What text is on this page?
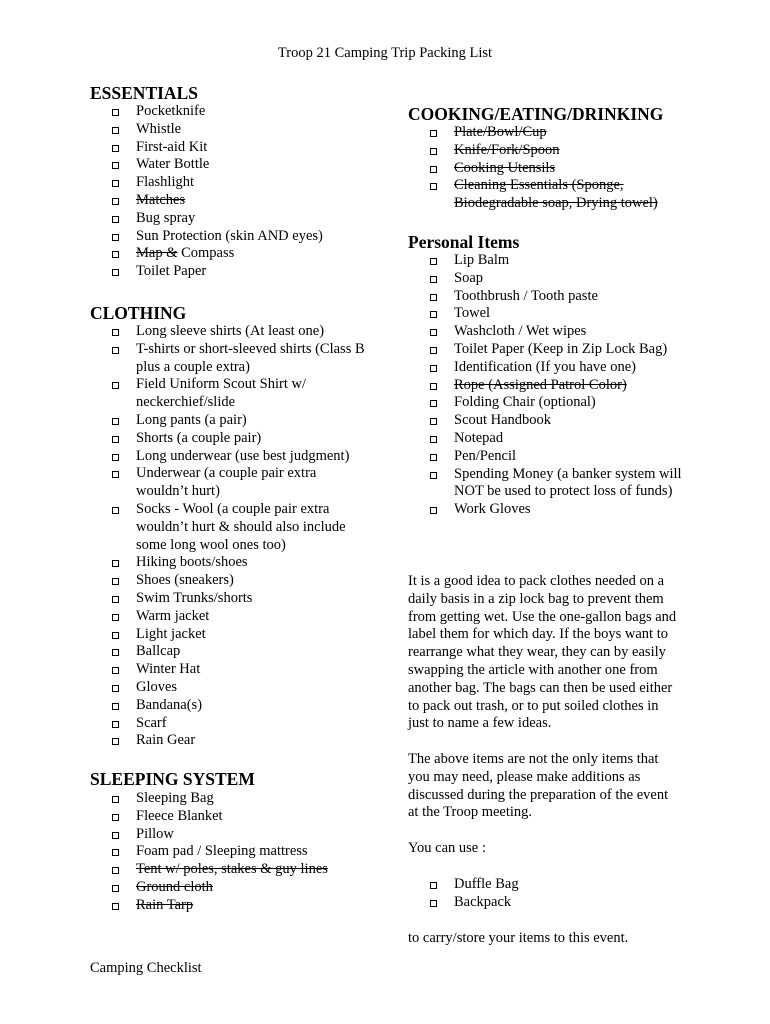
Troop 21 Camping Trip Packing List
ESSENTIALS
Pocketknife
Whistle
First-aid Kit
Water Bottle
Flashlight
Matches
Bug spray
Sun Protection (skin AND eyes)
Map & Compass
Toilet Paper
CLOTHING
Long sleeve shirts (At least one)
T-shirts or short-sleeved shirts (Class B plus a couple extra)
Field Uniform Scout Shirt w/ neckerchief/slide
Long pants (a pair)
Shorts (a couple pair)
Long underwear (use best judgment)
Underwear (a couple pair extra wouldn’t hurt)
Socks - Wool (a couple pair extra wouldn’t hurt & should also include some long wool ones too)
Hiking boots/shoes
Shoes (sneakers)
Swim Trunks/shorts
Warm jacket
Light jacket
Ballcap
Winter Hat
Gloves
Bandana(s)
Scarf
Rain Gear
SLEEPING SYSTEM
Sleeping Bag
Fleece Blanket
Pillow
Foam pad / Sleeping mattress
Tent w/ poles, stakes & guy lines
Ground cloth
Rain Tarp
COOKING/EATING/DRINKING
Plate/Bowl/Cup
Knife/Fork/Spoon
Cooking Utensils
Cleaning Essentials (Sponge, Biodegradable soap, Drying towel)
Personal Items
Lip Balm
Soap
Toothbrush / Tooth paste
Towel
Washcloth / Wet wipes
Toilet Paper (Keep in Zip Lock Bag)
Identification (If you have one)
Rope (Assigned Patrol Color)
Folding Chair (optional)
Scout Handbook
Notepad
Pen/Pencil
Spending Money (a banker system will NOT be used to protect loss of funds)
Work Gloves

It is a good idea to pack clothes needed on a daily basis in a zip lock bag to prevent them from getting wet. Use the one-gallon bags and label them for which day. If the boys want to rearrange what they wear, they can by easily swapping the article with another one from another bag. The bags can then be used either to pack out trash, or to put soiled clothes in just to name a few ideas.

The above items are not the only items that you may need, please make additions as discussed during the preparation of the event at the Troop meeting.

You can use :

Duffle Bag
Backpack

to carry/store your items to this event.

Camping Checklist
